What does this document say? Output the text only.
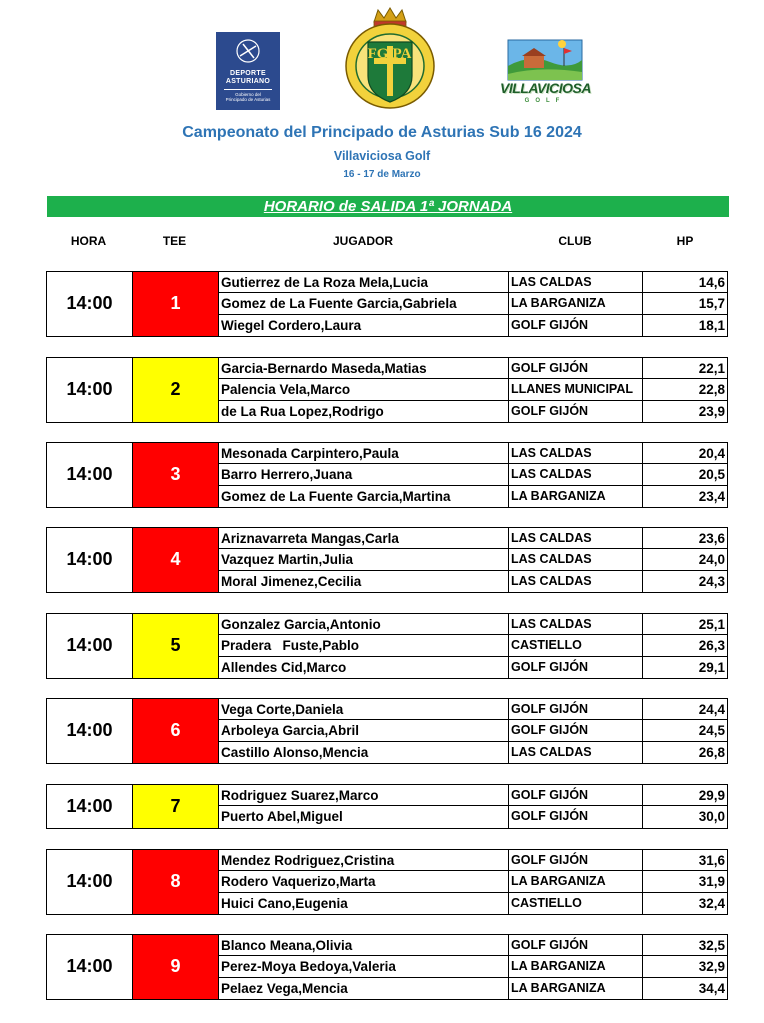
DEPORTE
ASTURIANO
Gobierno del
Principado de Asturias
FG PA
VILLAVICIOSA
GOLF
Campeonato del Principado de Asturias Sub 16 2024
Villaviciosa Golf
16 - 17 de Marzo
HORARIO de SALIDA 1ª JORNADA
HORA	TEE	JUGADOR	CLUB	HP
14:00	1
Gutierrez de La Roza Mela,Lucia	LAS CALDAS	14,6
Gomez de La Fuente Garcia,Gabriela	LA BARGANIZA	15,7
Wiegel Cordero,Laura	GOLF GIJÓN	18,1
14:00	2
Garcia-Bernardo Maseda,Matias	GOLF GIJÓN	22,1
Palencia Vela,Marco	LLANES MUNICIPAL	22,8
de La Rua Lopez,Rodrigo	GOLF GIJÓN	23,9
14:00	3
Mesonada Carpintero,Paula	LAS CALDAS	20,4
Barro Herrero,Juana	LAS CALDAS	20,5
Gomez de La Fuente Garcia,Martina	LA BARGANIZA	23,4
14:00	4
Ariznavarreta Mangas,Carla	LAS CALDAS	23,6
Vazquez Martin,Julia	LAS CALDAS	24,0
Moral Jimenez,Cecilia	LAS CALDAS	24,3
14:00	5
Gonzalez Garcia,Antonio	LAS CALDAS	25,1
Pradera   Fuste,Pablo	CASTIELLO	26,3
Allendes Cid,Marco	GOLF GIJÓN	29,1
14:00	6
Vega Corte,Daniela	GOLF GIJÓN	24,4
Arboleya Garcia,Abril	GOLF GIJÓN	24,5
Castillo Alonso,Mencia	LAS CALDAS	26,8
14:00	7
Rodriguez Suarez,Marco	GOLF GIJÓN	29,9
Puerto Abel,Miguel	GOLF GIJÓN	30,0
14:00	8
Mendez Rodriguez,Cristina	GOLF GIJÓN	31,6
Rodero Vaquerizo,Marta	LA BARGANIZA	31,9
Huici Cano,Eugenia	CASTIELLO	32,4
14:00	9
Blanco Meana,Olivia	GOLF GIJÓN	32,5
Perez-Moya Bedoya,Valeria	LA BARGANIZA	32,9
Pelaez Vega,Mencia	LA BARGANIZA	34,4
